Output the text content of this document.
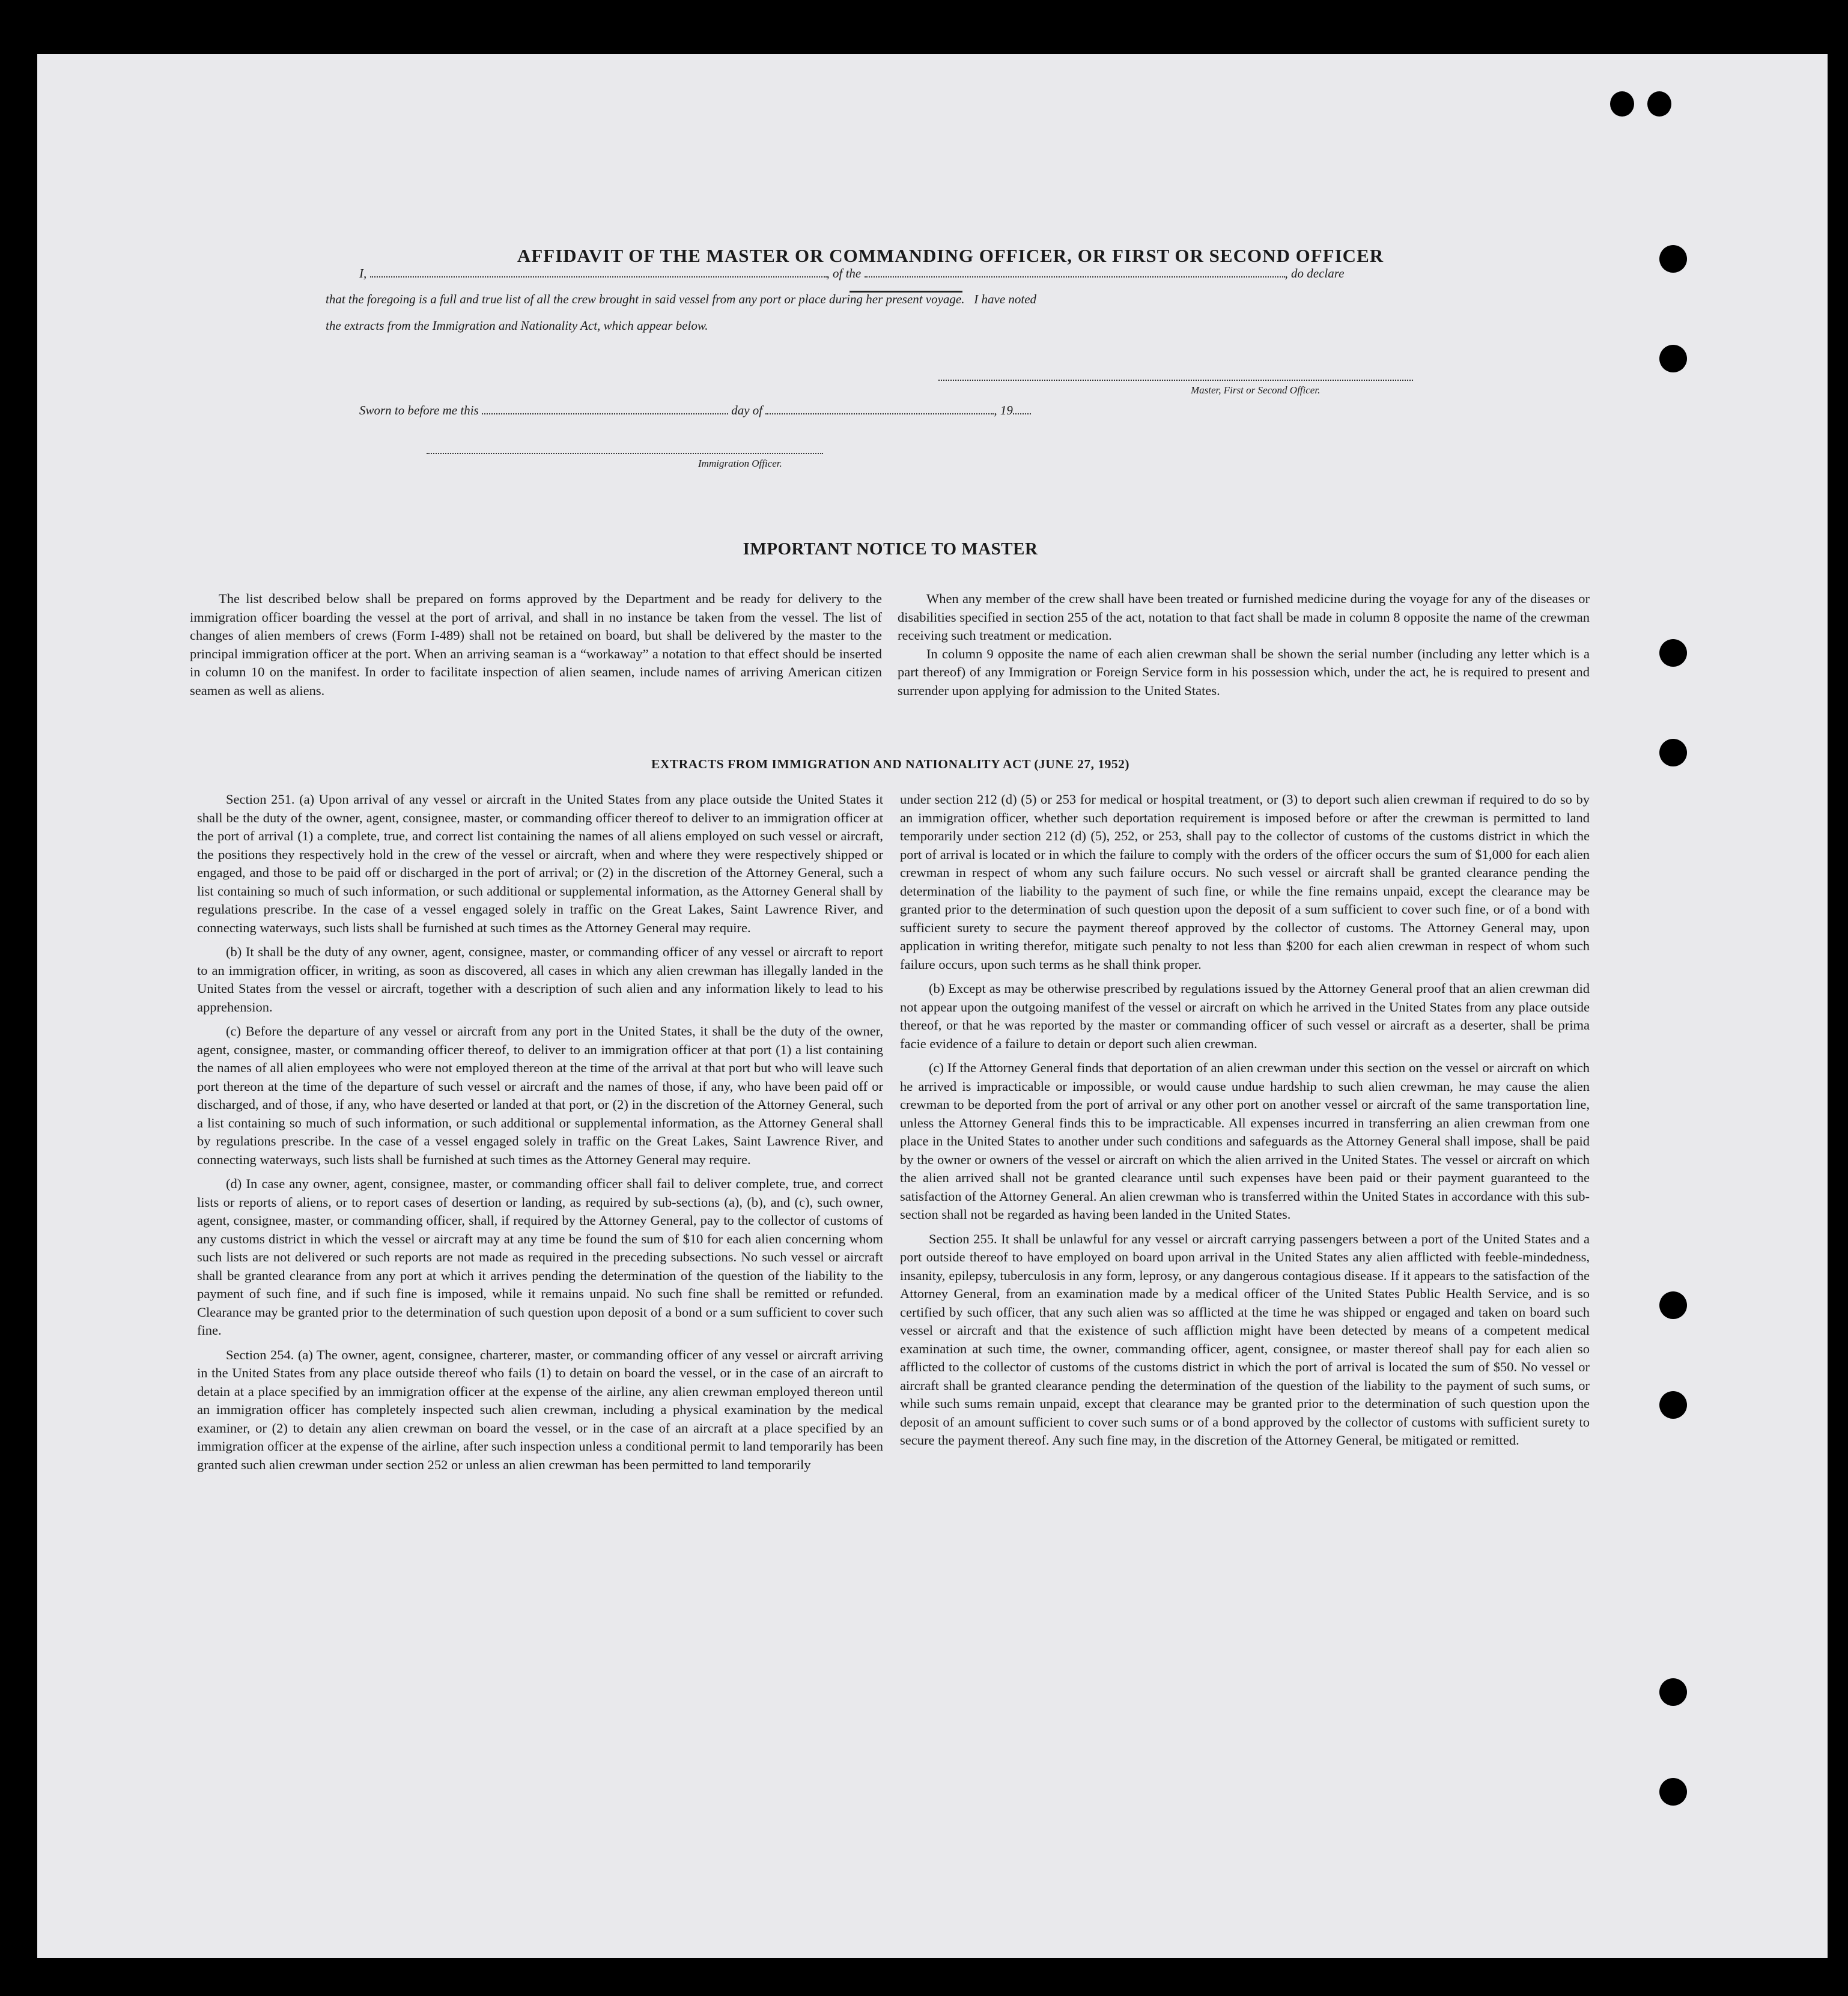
AFFIDAVIT OF THE MASTER OR COMMANDING OFFICER, OR FIRST OR SECOND OFFICER
I,	, of the	, do declare
that the foregoing is a full and true list of all the crew brought in said vessel from any port or place during her present voyage.   I have noted
the extracts from the Immigration and Nationality Act, which appear below.
Master, First or Second Officer.
Sworn to before me this	day of	, 19
Immigration Officer.
IMPORTANT NOTICE TO MASTER

The list described below shall be prepared on forms approved by the Department and be ready for delivery to the immigration officer boarding the vessel at the port of arrival, and shall in no instance be taken from the vessel. The list of changes of alien members of crews (Form I-489) shall not be retained on board, but shall be delivered by the master to the principal immigration officer at the port. When an arriving seaman is a “workaway” a notation to that effect should be inserted in column 10 on the manifest. In order to facilitate inspection of alien seamen, include names of arriving American citizen seamen as well as aliens.

When any member of the crew shall have been treated or furnished medicine during the voyage for any of the diseases or disabilities specified in section 255 of the act, notation to that fact shall be made in column 8 opposite the name of the crewman receiving such treatment or medication.

In column 9 opposite the name of each alien crewman shall be shown the serial number (including any letter which is a part thereof) of any Immigration or Foreign Service form in his possession which, under the act, he is required to present and surrender upon applying for admission to the United States.

EXTRACTS FROM IMMIGRATION AND NATIONALITY ACT (JUNE 27, 1952)

Section 251. (a) Upon arrival of any vessel or aircraft in the United States from any place outside the United States it shall be the duty of the owner, agent, consignee, master, or commanding officer thereof to deliver to an immigration officer at the port of arrival (1) a complete, true, and correct list containing the names of all aliens employed on such vessel or aircraft, the positions they respectively hold in the crew of the vessel or aircraft, when and where they were respectively shipped or engaged, and those to be paid off or discharged in the port of arrival; or (2) in the discretion of the Attorney General, such a list containing so much of such information, or such additional or supplemental information, as the Attorney General shall by regulations prescribe. In the case of a vessel engaged solely in traffic on the Great Lakes, Saint Lawrence River, and connecting waterways, such lists shall be furnished at such times as the Attorney General may require.

(b) It shall be the duty of any owner, agent, consignee, master, or commanding officer of any vessel or aircraft to report to an immigration officer, in writing, as soon as discovered, all cases in which any alien crewman has illegally landed in the United States from the vessel or aircraft, together with a description of such alien and any information likely to lead to his apprehension.

(c) Before the departure of any vessel or aircraft from any port in the United States, it shall be the duty of the owner, agent, consignee, master, or commanding officer thereof, to deliver to an immigration officer at that port (1) a list containing the names of all alien employees who were not employed thereon at the time of the arrival at that port but who will leave such port thereon at the time of the departure of such vessel or aircraft and the names of those, if any, who have been paid off or discharged, and of those, if any, who have deserted or landed at that port, or (2) in the discretion of the Attorney General, such a list containing so much of such information, or such additional or supplemental information, as the Attorney General shall by regulations prescribe. In the case of a vessel engaged solely in traffic on the Great Lakes, Saint Lawrence River, and connecting waterways, such lists shall be furnished at such times as the Attorney General may require.

(d) In case any owner, agent, consignee, master, or commanding officer shall fail to deliver complete, true, and correct lists or reports of aliens, or to report cases of desertion or landing, as required by sub-sections (a), (b), and (c), such owner, agent, consignee, master, or commanding officer, shall, if required by the Attorney General, pay to the collector of customs of any customs district in which the vessel or aircraft may at any time be found the sum of $10 for each alien concerning whom such lists are not delivered or such reports are not made as required in the preceding subsections. No such vessel or aircraft shall be granted clearance from any port at which it arrives pending the determination of the question of the liability to the payment of such fine, and if such fine is imposed, while it remains unpaid. No such fine shall be remitted or refunded. Clearance may be granted prior to the determination of such question upon deposit of a bond or a sum sufficient to cover such fine.

Section 254. (a) The owner, agent, consignee, charterer, master, or commanding officer of any vessel or aircraft arriving in the United States from any place outside thereof who fails (1) to detain on board the vessel, or in the case of an aircraft to detain at a place specified by an immigration officer at the expense of the airline, any alien crewman employed thereon until an immigration officer has completely inspected such alien crewman, including a physical examination by the medical examiner, or (2) to detain any alien crewman on board the vessel, or in the case of an aircraft at a place specified by an immigration officer at the expense of the airline, after such inspection unless a conditional permit to land temporarily has been granted such alien crewman under section 252 or unless an alien crewman has been permitted to land temporarily

under section 212 (d) (5) or 253 for medical or hospital treatment, or (3) to deport such alien crewman if required to do so by an immigration officer, whether such deportation requirement is imposed before or after the crewman is permitted to land temporarily under section 212 (d) (5), 252, or 253, shall pay to the collector of customs of the customs district in which the port of arrival is located or in which the failure to comply with the orders of the officer occurs the sum of $1,000 for each alien crewman in respect of whom any such failure occurs. No such vessel or aircraft shall be granted clearance pending the determination of the liability to the payment of such fine, or while the fine remains unpaid, except the clearance may be granted prior to the determination of such question upon the deposit of a sum sufficient to cover such fine, or of a bond with sufficient surety to secure the payment thereof approved by the collector of customs. The Attorney General may, upon application in writing therefor, mitigate such penalty to not less than $200 for each alien crewman in respect of whom such failure occurs, upon such terms as he shall think proper.

(b) Except as may be otherwise prescribed by regulations issued by the Attorney General proof that an alien crewman did not appear upon the outgoing manifest of the vessel or aircraft on which he arrived in the United States from any place outside thereof, or that he was reported by the master or commanding officer of such vessel or aircraft as a deserter, shall be prima facie evidence of a failure to detain or deport such alien crewman.

(c) If the Attorney General finds that deportation of an alien crewman under this section on the vessel or aircraft on which he arrived is impracticable or impossible, or would cause undue hardship to such alien crewman, he may cause the alien crewman to be deported from the port of arrival or any other port on another vessel or aircraft of the same transportation line, unless the Attorney General finds this to be impracticable. All expenses incurred in transferring an alien crewman from one place in the United States to another under such conditions and safeguards as the Attorney General shall impose, shall be paid by the owner or owners of the vessel or aircraft on which the alien arrived in the United States. The vessel or aircraft on which the alien arrived shall not be granted clearance until such expenses have been paid or their payment guaranteed to the satisfaction of the Attorney General. An alien crewman who is transferred within the United States in accordance with this sub-section shall not be regarded as having been landed in the United States.

Section 255. It shall be unlawful for any vessel or aircraft carrying passengers between a port of the United States and a port outside thereof to have employed on board upon arrival in the United States any alien afflicted with feeble-mindedness, insanity, epilepsy, tuberculosis in any form, leprosy, or any dangerous contagious disease. If it appears to the satisfaction of the Attorney General, from an examination made by a medical officer of the United States Public Health Service, and is so certified by such officer, that any such alien was so afflicted at the time he was shipped or engaged and taken on board such vessel or aircraft and that the existence of such affliction might have been detected by means of a competent medical examination at such time, the owner, commanding officer, agent, consignee, or master thereof shall pay for each alien so afflicted to the collector of customs of the customs district in which the port of arrival is located the sum of $50. No vessel or aircraft shall be granted clearance pending the determination of the question of the liability to the payment of such sums, or while such sums remain unpaid, except that clearance may be granted prior to the determination of such question upon the deposit of an amount sufficient to cover such sums or of a bond approved by the collector of customs with sufficient surety to secure the payment thereof. Any such fine may, in the discretion of the Attorney General, be mitigated or remitted.
